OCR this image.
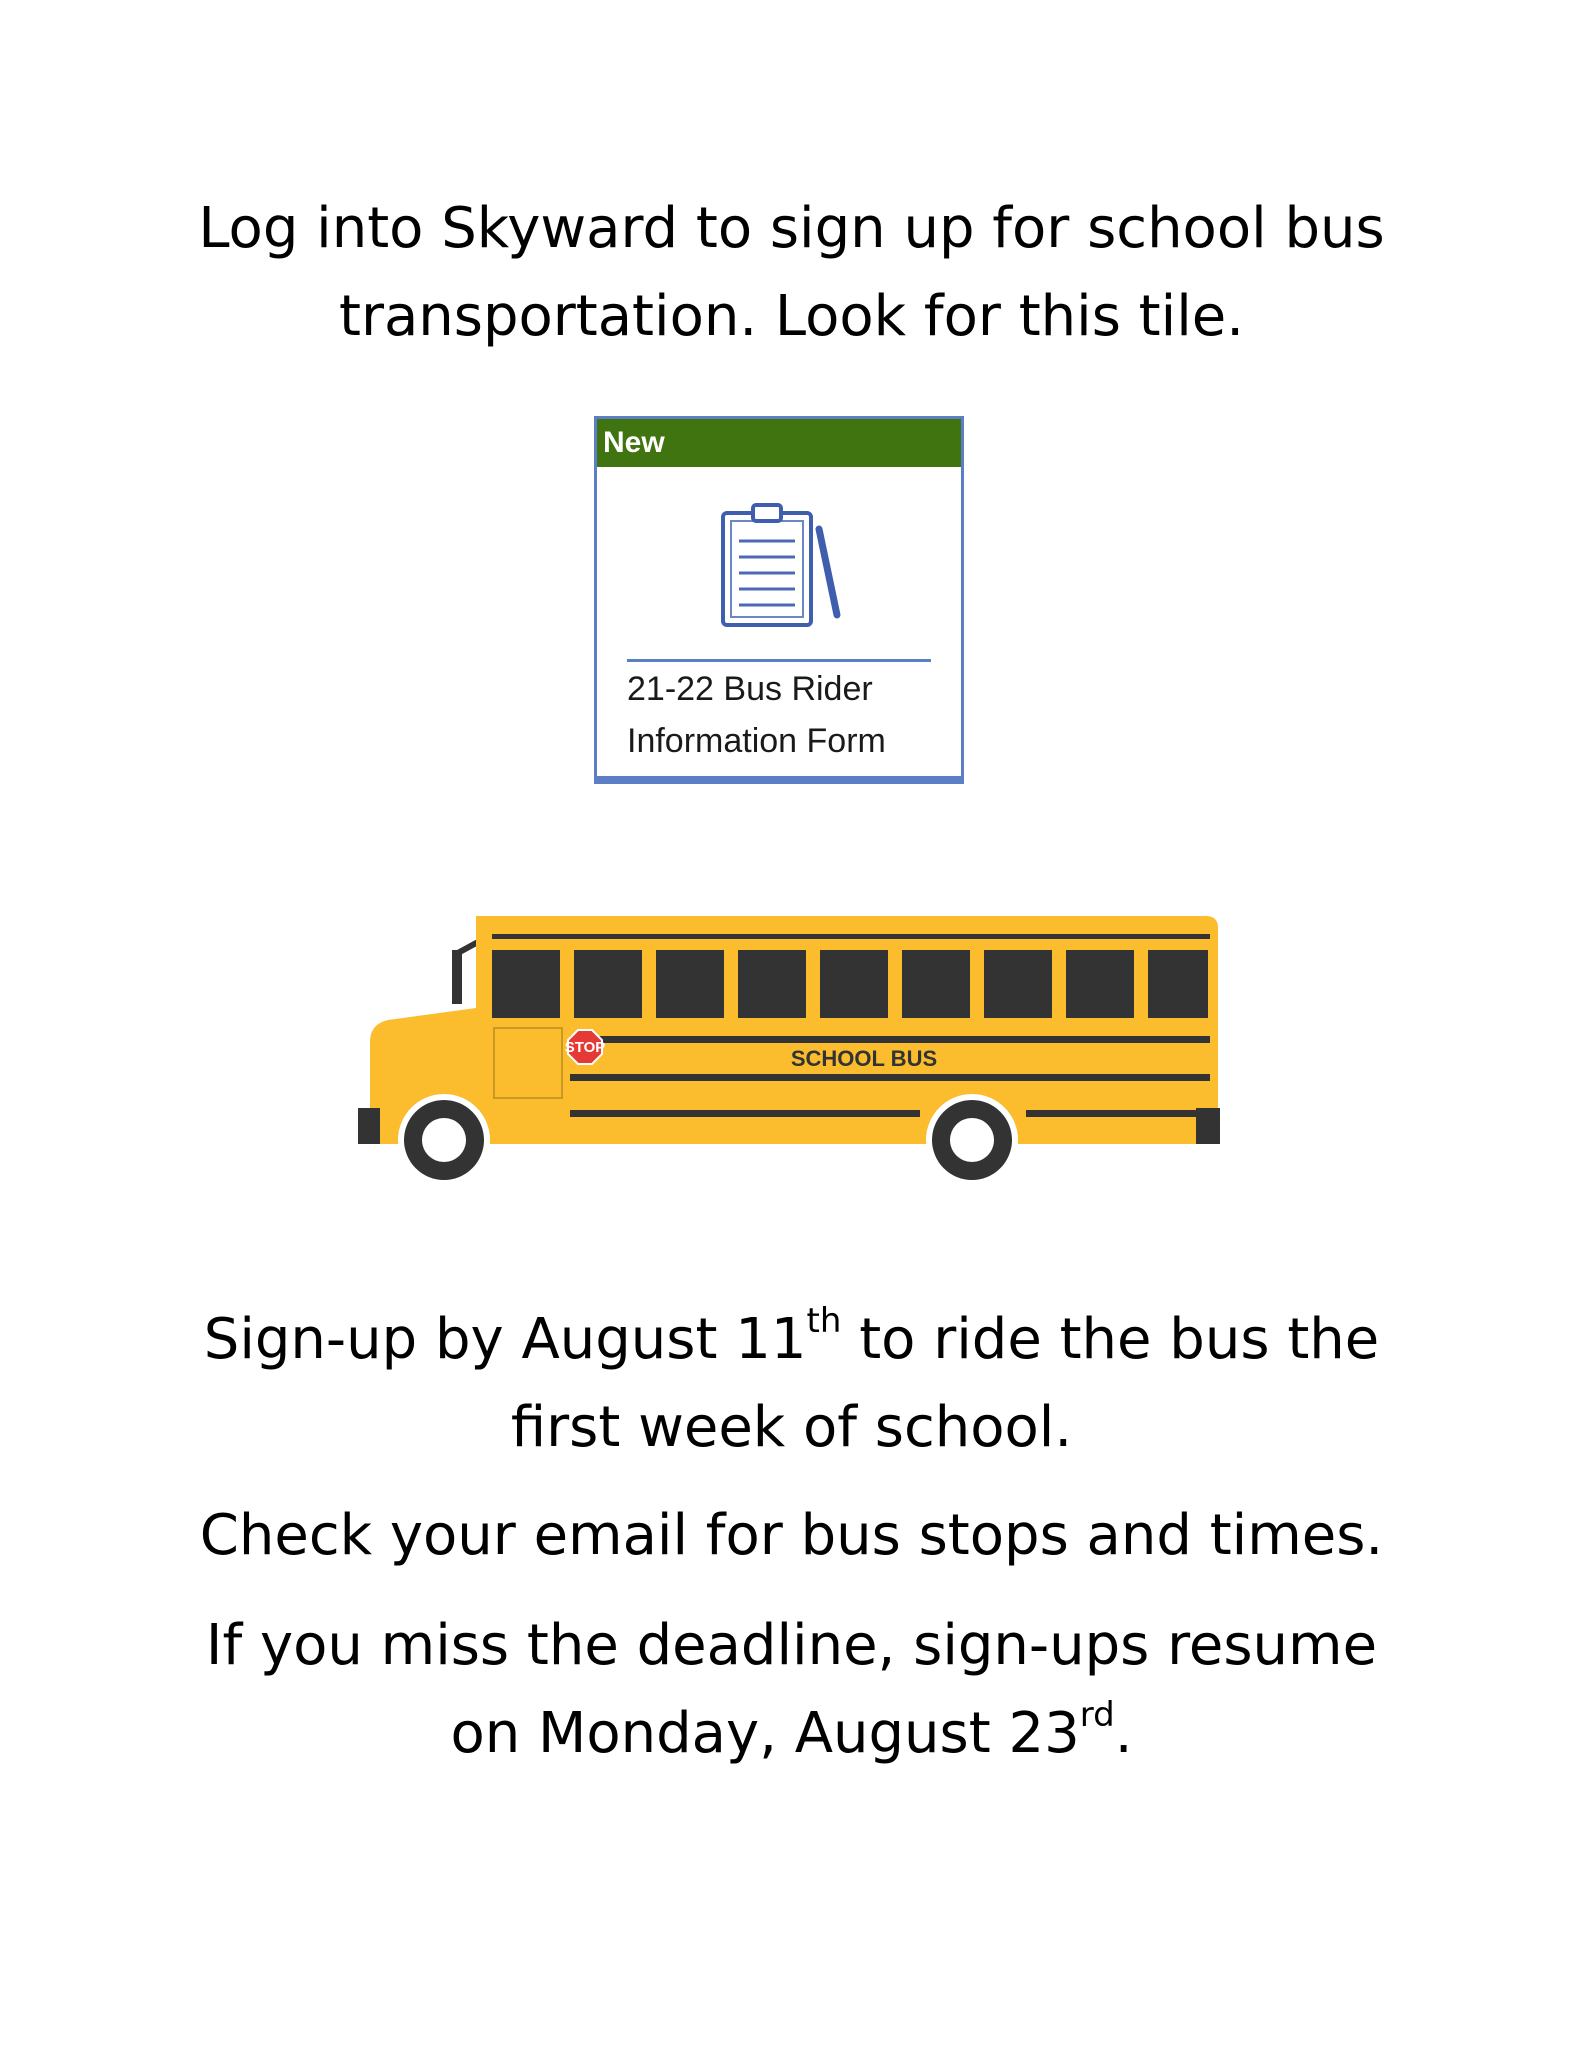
Log into Skyward to sign up for school bus
transportation. Look for this tile.

New
21-22 Bus Rider
Information Form
SCHOOL BUS
STOP

Sign-up by August 11th to ride the bus the
first week of school.

Check your email for bus stops and times.

If you miss the deadline, sign-ups resume
on Monday, August 23rd.
